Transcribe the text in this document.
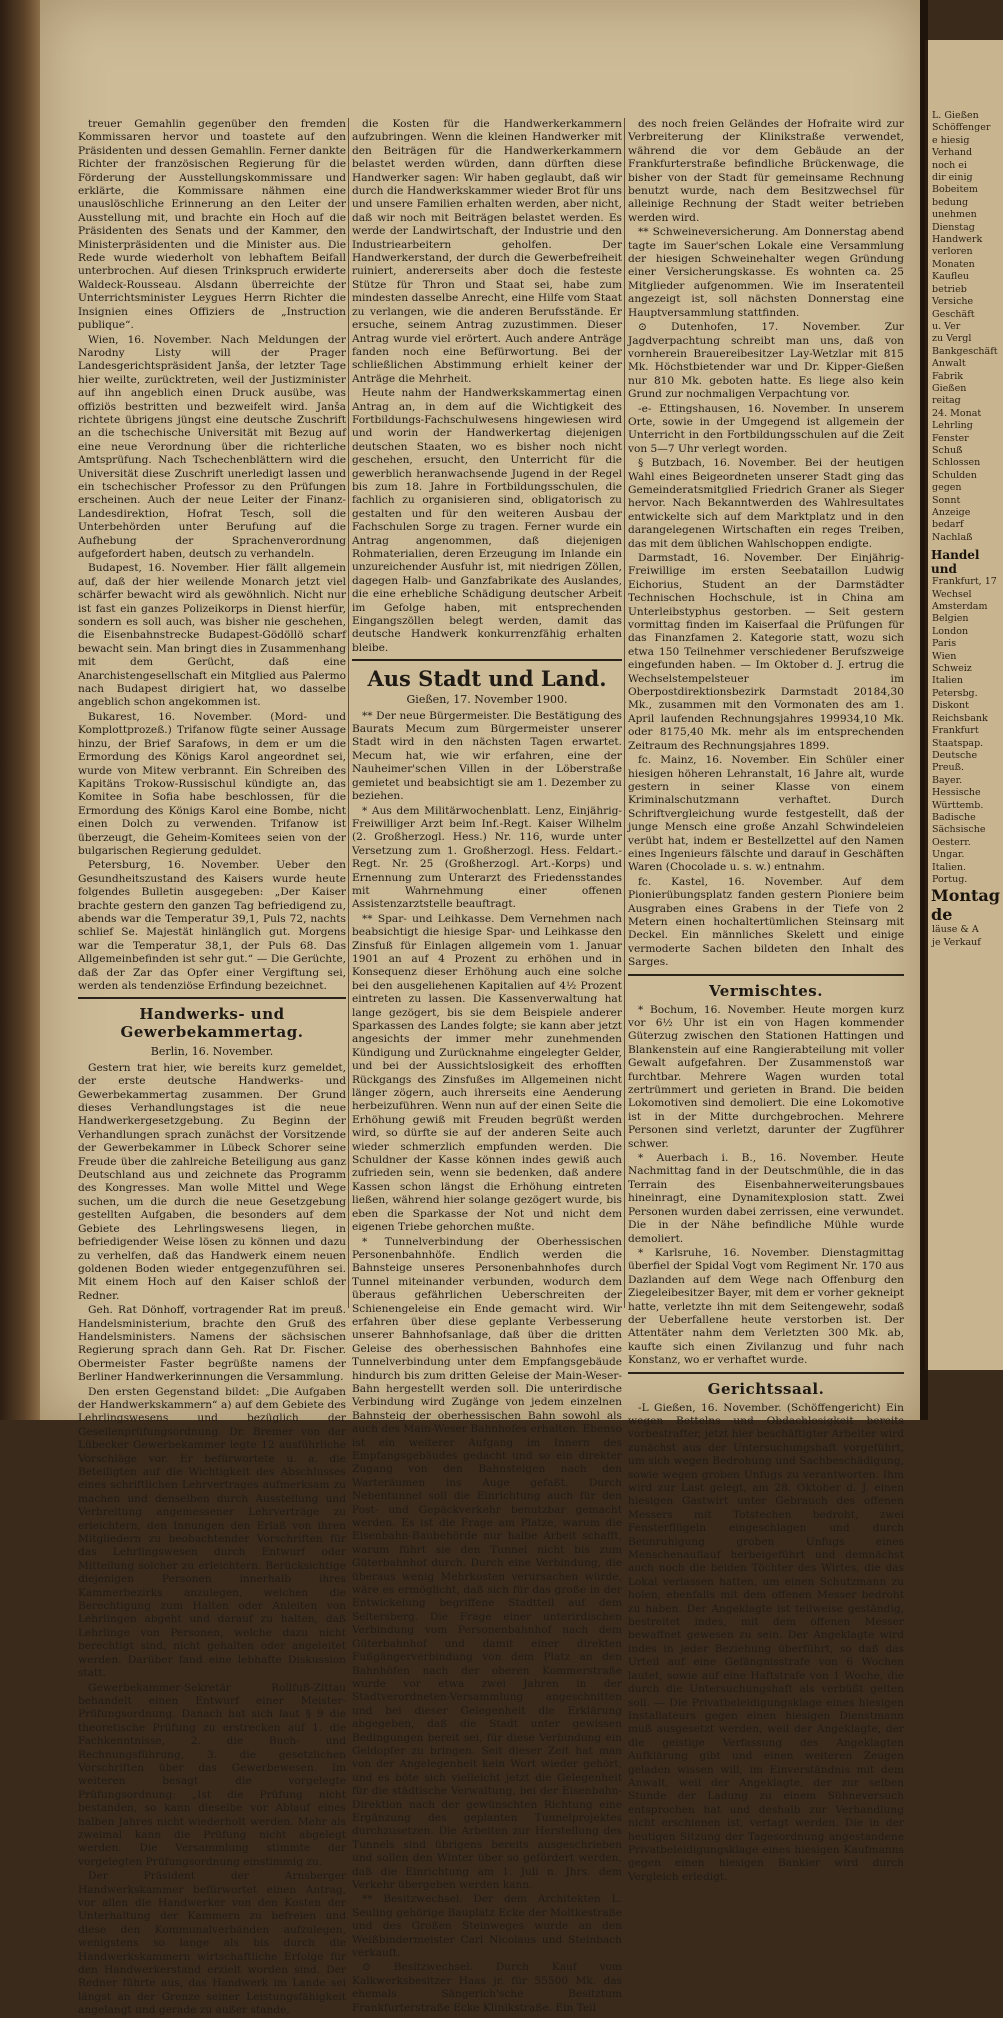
treuer Gemahlin gegenüber den fremden Kommissaren hervor und toastete auf den Präsidenten und dessen Gemahlin. Ferner dankte Richter der französischen Regierung für die Förderung der Ausstellungskommissare und erklärte, die Kommissare nähmen eine unauslöschliche Erinnerung an den Leiter der Ausstellung mit, und brachte ein Hoch auf die Präsidenten des Senats und der Kammer, den Ministerpräsidenten und die Minister aus. Die Rede wurde wiederholt von lebhaftem Beifall unterbrochen. Auf diesen Trinkspruch erwiderte Waldeck-Rousseau. Alsdann überreichte der Unterrichtsminister Leygues Herrn Richter die Insignien eines Offiziers de „Instruction publique“.

Wien, 16. November. Nach Meldungen der Narodny Listy will der Prager Landesgerichtspräsident Janša, der letzter Tage hier weilte, zurücktreten, weil der Justizminister auf ihn angeblich einen Druck ausübe, was offiziös bestritten und bezweifelt wird. Janša richtete übrigens jüngst eine deutsche Zuschrift an die tschechische Universität mit Bezug auf eine neue Verordnung über die richterliche Amtsprüfung. Nach Tschechenblättern wird die Universität diese Zuschrift unerledigt lassen und ein tschechischer Professor zu den Prüfungen erscheinen. Auch der neue Leiter der Finanz-Landesdirektion, Hofrat Tesch, soll die Unterbehörden unter Berufung auf die Aufhebung der Sprachenverordnung aufgefordert haben, deutsch zu verhandeln.

Budapest, 16. November. Hier fällt allgemein auf, daß der hier weilende Monarch jetzt viel schärfer bewacht wird als gewöhnlich. Nicht nur ist fast ein ganzes Polizeikorps in Dienst hierfür, sondern es soll auch, was bisher nie geschehen, die Eisenbahnstrecke Budapest-Gödöllö scharf bewacht sein. Man bringt dies in Zusammenhang mit dem Gerücht, daß eine Anarchistengesellschaft ein Mitglied aus Palermo nach Budapest dirigiert hat, wo dasselbe angeblich schon angekommen ist.

Bukarest, 16. November. (Mord- und Komplottprozeß.) Trifanow fügte seiner Aussage hinzu, der Brief Sarafows, in dem er um die Ermordung des Königs Karol angeordnet sei, wurde von Mitew verbrannt. Ein Schreiben des Kapitäns Trokow-Russischul kündigte an, das Komitee in Sofia habe beschlossen, für die Ermordung des Königs Karol eine Bombe, nicht einen Dolch zu verwenden. Trifanow ist überzeugt, die Geheim-Komitees seien von der bulgarischen Regierung geduldet.

Petersburg, 16. November. Ueber den Gesundheitszustand des Kaisers wurde heute folgendes Bulletin ausgegeben: „Der Kaiser brachte gestern den ganzen Tag befriedigend zu, abends war die Temperatur 39,1, Puls 72, nachts schlief Se. Majestät hinlänglich gut. Morgens war die Temperatur 38,1, der Puls 68. Das Allgemeinbefinden ist sehr gut.“ — Die Gerüchte, daß der Zar das Opfer einer Vergiftung sei, werden als tendenziöse Erfindung bezeichnet.

Handwerks- und Gewerbekammertag.
Berlin, 16. November.

Gestern trat hier, wie bereits kurz gemeldet, der erste deutsche Handwerks- und Gewerbekammertag zusammen. Der Grund dieses Verhandlungstages ist die neue Handwerkergesetzgebung. Zu Beginn der Verhandlungen sprach zunächst der Vorsitzende der Gewerbekammer in Lübeck Schorer seine Freude über die zahlreiche Beteiligung aus ganz Deutschland aus und zeichnete das Programm des Kongresses. Man wolle Mittel und Wege suchen, um die durch die neue Gesetzgebung gestellten Aufgaben, die besonders auf dem Gebiete des Lehrlingswesens liegen, in befriedigender Weise lösen zu können und dazu zu verhelfen, daß das Handwerk einem neuen goldenen Boden wieder entgegenzuführen sei. Mit einem Hoch auf den Kaiser schloß der Redner.

Geh. Rat Dönhoff, vortragender Rat im preuß. Handelsministerium, brachte den Gruß des Handelsministers. Namens der sächsischen Regierung sprach dann Geh. Rat Dr. Fischer. Obermeister Faster begrüßte namens der Berliner Handwerkerinnungen die Versammlung.

Den ersten Gegenstand bildet: „Die Aufgaben der Handwerkskammern“ a) auf dem Gebiete des Lehrlingswesens und bezüglich der Gesellenprüfungsordnung. Dr. Bremer von der Lübecker Gewerbekammer legte 12 ausführliche Vorschläge vor. Er befürwortete u. a. die Beteiligten auf die Wichtigkeit des Abschlusses eines schriftlichen Lehrvertrages aufmerksam zu machen und denselben durch Ausstellung und Verbreitung angemessener Lehrverträge zu erleichtern, den Innungen den Erlaß von ihren Mitgliedern zu beobachtender Vorschriften für das Lehrlingswesen durch Entwurf oder Mitteilung solcher zu erleichtern. Berücksichtige diejenigen Personen innerhalb ihres Kammerbezirks anzulegen, welchen die Berechtigung zum Halten oder Anleiten von Lehrlingen abgeht und darauf zu halten, daß Lehrlinge von Personen, welche dazu nicht berechtigt sind, nicht gehalten oder angeleitet werden. Darüber fand eine lebhafte Diskussion statt.

Gewerbekammer-Sekretär Rollfuß-Zittau behandelt einen Entwurf einer Meister-Prüfungsordnung. Danach hat sich laut § 9 die theoretische Prüfung zu erstrecken auf 1. die Fachkenntnisse, 2. die Buch- und Rechnungsführung, 3. die gesetzlichen Vorschriften über das Gewerbewesen. Im weiteren besagt die vorgelegte Prüfungsordnung: „Ist die Prüfung nicht bestanden, so kann dieselbe vor Ablauf eines halben Jahres nicht wiederholt werden. Mehr als zweimal kann die Prüfung nicht abgelegt werden. Die Versammlung stimmte der vorgelegten Prüfungsordnung einstimmig zu.

Der Präsident der Arnsberger Handwerkskammer befürwortet einen Antrag, vor allen die Handwerker von den Kosten der Unterhaltung der Kammern zu befreien und diese den Kommunalverbänden aufzulegen, wenigstens so lange als bis durch die Handwerkskammern wirtschaftliche Erfolge für den Handwerkerstand erzielt worden sind. Der Redner führte aus, das Handwerk im Lande sei längst an der Grenze seiner Leistungsfähigkeit angelangt und gerade zu außer stande,

die Kosten für die Handwerkerkammern aufzubringen. Wenn die kleinen Handwerker mit den Beiträgen für die Handwerkerkammern belastet werden würden, dann dürften diese Handwerker sagen: Wir haben geglaubt, daß wir durch die Handwerkskammer wieder Brot für uns und unsere Familien erhalten werden, aber nicht, daß wir noch mit Beiträgen belastet werden. Es werde der Landwirtschaft, der Industrie und den Industriearbeitern geholfen. Der Handwerkerstand, der durch die Gewerbefreiheit ruiniert, andererseits aber doch die festeste Stütze für Thron und Staat sei, habe zum mindesten dasselbe Anrecht, eine Hilfe vom Staat zu verlangen, wie die anderen Berufsstände. Er ersuche, seinem Antrag zuzustimmen. Dieser Antrag wurde viel erörtert. Auch andere Anträge fanden noch eine Befürwortung. Bei der schließlichen Abstimmung erhielt keiner der Anträge die Mehrheit.

Heute nahm der Handwerkskammertag einen Antrag an, in dem auf die Wichtigkeit des Fortbildungs-Fachschulwesens hingewiesen wird und worin der Handwerkertag diejenigen deutschen Staaten, wo es bisher noch nicht geschehen, ersucht, den Unterricht für die gewerblich heranwachsende Jugend in der Regel bis zum 18. Jahre in Fortbildungsschulen, die fachlich zu organisieren sind, obligatorisch zu gestalten und für den weiteren Ausbau der Fachschulen Sorge zu tragen. Ferner wurde ein Antrag angenommen, daß diejenigen Rohmaterialien, deren Erzeugung im Inlande ein unzureichender Ausfuhr ist, mit niedrigen Zöllen, dagegen Halb- und Ganzfabrikate des Auslandes, die eine erhebliche Schädigung deutscher Arbeit im Gefolge haben, mit entsprechenden Eingangszöllen belegt werden, damit das deutsche Handwerk konkurrenzfähig erhalten bleibe.

Aus Stadt und Land.
Gießen, 17. November 1900.

** Der neue Bürgermeister. Die Bestätigung des Baurats Mecum zum Bürgermeister unserer Stadt wird in den nächsten Tagen erwartet. Mecum hat, wie wir erfahren, eine der Nauheimer'schen Villen in der Löberstraße gemietet und beabsichtigt sie am 1. Dezember zu beziehen.

* Aus dem Militärwochenblatt. Lenz, Einjährig-Freiwilliger Arzt beim Inf.-Regt. Kaiser Wilhelm (2. Großherzogl. Hess.) Nr. 116, wurde unter Versetzung zum 1. Großherzogl. Hess. Feldart.-Regt. Nr. 25 (Großherzogl. Art.-Korps) und Ernennung zum Unterarzt des Friedensstandes mit Wahrnehmung einer offenen Assistenzarztstelle beauftragt.

** Spar- und Leihkasse. Dem Vernehmen nach beabsichtigt die hiesige Spar- und Leihkasse den Zinsfuß für Einlagen allgemein vom 1. Januar 1901 an auf 4 Prozent zu erhöhen und in Konsequenz dieser Erhöhung auch eine solche bei den ausgeliehenen Kapitalien auf 4½ Prozent eintreten zu lassen. Die Kassenverwaltung hat lange gezögert, bis sie dem Beispiele anderer Sparkassen des Landes folgte; sie kann aber jetzt angesichts der immer mehr zunehmenden Kündigung und Zurücknahme eingelegter Gelder, und bei der Aussichtslosigkeit des erhofften Rückgangs des Zinsfußes im Allgemeinen nicht länger zögern, auch ihrerseits eine Aenderung herbeizuführen. Wenn nun auf der einen Seite die Erhöhung gewiß mit Freuden begrüßt werden wird, so dürfte sie auf der anderen Seite auch wieder schmerzlich empfunden werden. Die Schuldner der Kasse können indes gewiß auch zufrieden sein, wenn sie bedenken, daß andere Kassen schon längst die Erhöhung eintreten ließen, während hier solange gezögert wurde, bis eben die Sparkasse der Not und nicht dem eigenen Triebe gehorchen mußte.

* Tunnelverbindung der Oberhessischen Personenbahnhöfe. Endlich werden die Bahnsteige unseres Personenbahnhofes durch Tunnel miteinander verbunden, wodurch dem überaus gefährlichen Ueberschreiten der Schienengeleise ein Ende gemacht wird. Wir erfahren über diese geplante Verbesserung unserer Bahnhofsanlage, daß über die dritten Geleise des oberhessischen Bahnhofes eine Tunnelverbindung unter dem Empfangsgebäude hindurch bis zum dritten Geleise der Main-Weser-Bahn hergestellt werden soll. Die unterirdische Verbindung wird Zugänge von jedem einzelnen Bahnsteig der oberhessischen Bahn sowohl als auch des Main-Weser Bahnhofes erhalten. Ebenso ist ein weiterer Aufgang im Innern des Empfangsgebäudes gedacht und so ein direkter Zugang von den Bahnsteigen nach den Warteräumen ins Auge gefaßt. Durch Nebentunnel soll die Einrichtung auch für den Post- und Gepäckverkehr benutzbar gemacht werden. Es ist die Frage am Platze, warum die Eisenbahn-Baubehörde nur halbe Arbeit schafft, warum führt sie den Tunnel nicht bis zum Güterbahnhof durch. Durch eine Verbindung, die überaus wenig Mehrkosten verursachen würde, wäre es ermöglicht, daß sich für das große in der Entwickelung begriffene Stadtteil auf dem Seltersberg. Die Frage einer unterirdischen Verbindung vom Personenbahnhof nach dem Güterbahnhof und damit einer direkten Fußgängerverbindung von dem Platz an den Bahnhöfen nach der oberen Kommerstraße wurde vor etwa zwei Jahren in der Stadtverordneten-Versammlung angeschnitten und bei dieser Gelegenheit die Erklärung abgegeben, daß die Stadt unter gewissen Bedingungen bereit sei, für diese Verbindung ein Geldopfer zu bringen. Seit dieser Zeit hat man von der Angelegenheit kein Wort wieder gehört, und es böte sich vielleicht jetzt die Gelegenheit für die städtische Verwaltung, bei der Eisenbahn-Direktion nach der gewünschten Richtung eine Ergänzung des geplanten Tunnelprojektes durchzusetzen. Die Arbeiten zur Herstellung des Tunnels sind übrigens bereits ausgeschrieben und sollen den Winter über so gefördert werden, daß die Einrichtung am 1. Juli n. Jhrs. dem Verkehr übergeben werden kann.

** Besitzwechsel. Der dem Architekten L. Seuling gehörige Bauplatz Ecke der Moltkestraße und des Großen Steinweges wurde an den Weißbindermeister Carl Nicolaus und Steinbach verkauft.

⊙ Besitzwechsel. Durch Kauf vom Kalkwerksbesitzer Haas jr. für 55500 Mk. das ehemals Sängerich'sche Besitztum Frankfurterstraße Ecke Klinikstraße. Ein Teil

des noch freien Geländes der Hofraite wird zur Verbreiterung der Klinikstraße verwendet, während die vor dem Gebäude an der Frankfurterstraße befindliche Brückenwage, die bisher von der Stadt für gemeinsame Rechnung benutzt wurde, nach dem Besitzwechsel für alleinige Rechnung der Stadt weiter betrieben werden wird.

** Schweineversicherung. Am Donnerstag abend tagte im Sauer'schen Lokale eine Versammlung der hiesigen Schweinehalter wegen Gründung einer Versicherungskasse. Es wohnten ca. 25 Mitglieder aufgenommen. Wie im Inseratenteil angezeigt ist, soll nächsten Donnerstag eine Hauptversammlung stattfinden.

⊙ Dutenhofen, 17. November. Zur Jagdverpachtung schreibt man uns, daß von vornherein Brauereibesitzer Lay-Wetzlar mit 815 Mk. Höchstbietender war und Dr. Kipper-Gießen nur 810 Mk. geboten hatte. Es liege also kein Grund zur nochmaligen Verpachtung vor.

-e- Ettingshausen, 16. November. In unserem Orte, sowie in der Umgegend ist allgemein der Unterricht in den Fortbildungsschulen auf die Zeit von 5—7 Uhr verlegt worden.

§ Butzbach, 16. November. Bei der heutigen Wahl eines Beigeordneten unserer Stadt ging das Gemeinderatsmitglied Friedrich Graner als Sieger hervor. Nach Bekanntwerden des Wahlresultates entwickelte sich auf dem Marktplatz und in den darangelegenen Wirtschaften ein reges Treiben, das mit dem üblichen Wahlschoppen endigte.

Darmstadt, 16. November. Der Einjährig-Freiwillige im ersten Seebataillon Ludwig Eichorius, Student an der Darmstädter Technischen Hochschule, ist in China am Unterleibstyphus gestorben. — Seit gestern vormittag finden im Kaiserfaal die Prüfungen für das Finanzfamen 2. Kategorie statt, wozu sich etwa 150 Teilnehmer verschiedener Berufszweige eingefunden haben. — Im Oktober d. J. ertrug die Wechselstempelsteuer im Oberpostdirektionsbezirk Darmstadt 20184,30 Mk., zusammen mit den Vormonaten des am 1. April laufenden Rechnungsjahres 199934,10 Mk. oder 8175,40 Mk. mehr als im entsprechenden Zeitraum des Rechnungsjahres 1899.

fc. Mainz, 16. November. Ein Schüler einer hiesigen höheren Lehranstalt, 16 Jahre alt, wurde gestern in seiner Klasse von einem Kriminalschutzmann verhaftet. Durch Schriftvergleichung wurde festgestellt, daß der junge Mensch eine große Anzahl Schwindeleien verübt hat, indem er Bestellzettel auf den Namen eines Ingenieurs fälschte und darauf in Geschäften Waren (Chocolade u. s. w.) entnahm.

fc. Kastel, 16. November. Auf dem Pionierübungsplatz fanden gestern Pioniere beim Ausgraben eines Grabens in der Tiefe von 2 Metern einen hochaltertümlichen Steinsarg mit Deckel. Ein männliches Skelett und einige vermoderte Sachen bildeten den Inhalt des Sarges.

Vermischtes.

* Bochum, 16. November. Heute morgen kurz vor 6½ Uhr ist ein von Hagen kommender Güterzug zwischen den Stationen Hattingen und Blankenstein auf eine Rangierabteilung mit voller Gewalt aufgefahren. Der Zusammenstoß war furchtbar. Mehrere Wagen wurden total zertrümmert und gerieten in Brand. Die beiden Lokomotiven sind demoliert. Die eine Lokomotive ist in der Mitte durchgebrochen. Mehrere Personen sind verletzt, darunter der Zugführer schwer.

* Auerbach i. B., 16. November. Heute Nachmittag fand in der Deutschmühle, die in das Terrain des Eisenbahnerweiterungsbaues hineinragt, eine Dynamitexplosion statt. Zwei Personen wurden dabei zerrissen, eine verwundet. Die in der Nähe befindliche Mühle wurde demoliert.

* Karlsruhe, 16. November. Dienstagmittag überfiel der Spidal Vogt vom Regiment Nr. 170 aus Dazlanden auf dem Wege nach Offenburg den Ziegeleibesitzer Bayer, mit dem er vorher gekneipt hatte, verletzte ihn mit dem Seitengewehr, sodaß der Ueberfallene heute verstorben ist. Der Attentäter nahm dem Verletzten 300 Mk. ab, kaufte sich einen Zivilanzug und fuhr nach Konstanz, wo er verhaftet wurde.

Gerichtssaal.

-L Gießen, 16. November. (Schöffengericht) Ein wegen Bettelns und Obdachlosigkeit bereits vorbestrafter, jetzt hier beschäftigter Arbeiter wird zunächst aus der Untersuchungshaft vorgeführt, um sich wegen Bedrohung und Sachbeschädigung, sowie wegen groben Unfugs zu verantworten. Ihm wird zur Last gelegt, am 28. Oktober d. J. einen hiesigen Gastwirt unter Gebrauch des offenen Messers mit Totstechen bedroht, zwei Fensterflügeln eingeschlagen und durch Beunruhigung groben Unfugs eines Menschenauflauf herbeigeführt und demnächst auch noch die beiden Töchter des Wirtes, die das Lokal verlassen hatten, um einen Schutzmann zu holen, ebenfalls mit dem offenen Messer bedroht zu haben. Der Angeklagte ist teilweise geständig, bestreitet indes, mit dem offenen Messer bewaffnet gewesen zu sein. Der Angeklagte wird indes in jeder Beziehung überführt, so daß das Urteil auf eine Gefängnisstrafe von 6 Wochen lautet, sowie auf eine Haftstrafe von 1 Woche, die durch die Untersuchungshaft als verbüßt gelten soll. — Die Privatbeleidigungsklage eines hiesigen Installateurs gegen einen hiesigen Dienstmann muß ausgesetzt werden, weil der Angeklagte, der die geistige Verfassung des Angeklagten Aufklärung gibt und einen weiteren Zeugen geladen wissen will, im Einverständnis mit dem Anwalt, weil der Angeklagte, der zur selben Stunde der Ladung zu einem Sühneversuch entsprochen hat und deshalb zur Verhandlung nicht erschienen ist, vertagt werden. Die in der heutigen Sitzung der Tagesordnung angestandene Privatbeleidigungsklage eines hiesigen Kaufmanns gegen einen hiesigen Bankier wird durch Vergleich erledigt.

L. Gießen
Schöffenger
e hiesig
Verhand
noch ei
dir einig
Bobeitem
bedung
unehmen
Dienstag
Handwerk
verloren
Monaten
Kaufleu
betrieb
Versiche
Geschäft
u. Ver
zu Vergl
Bankgeschäft
Anwalt
Fabrik
Gießen
reitag
24. Monat
Lehrling
Fenster
Schuß
Schlossen
Schulden
gegen
Sonnt
Anzeige
bedarf
Nachlaß
Handel und
Frankfurt, 17
Wechsel
Amsterdam
Belgien
London
Paris
Wien
Schweiz
Italien
Petersbg.
Diskont
Reichsbank
Frankfurt
Staatspap.
Deutsche
Preuß.
Bayer.
Hessische
Württemb.
Badische
Sächsische
Oesterr.
Ungar.
Italien.
Portug.
Montag de
läuse & A
je Verkauf
